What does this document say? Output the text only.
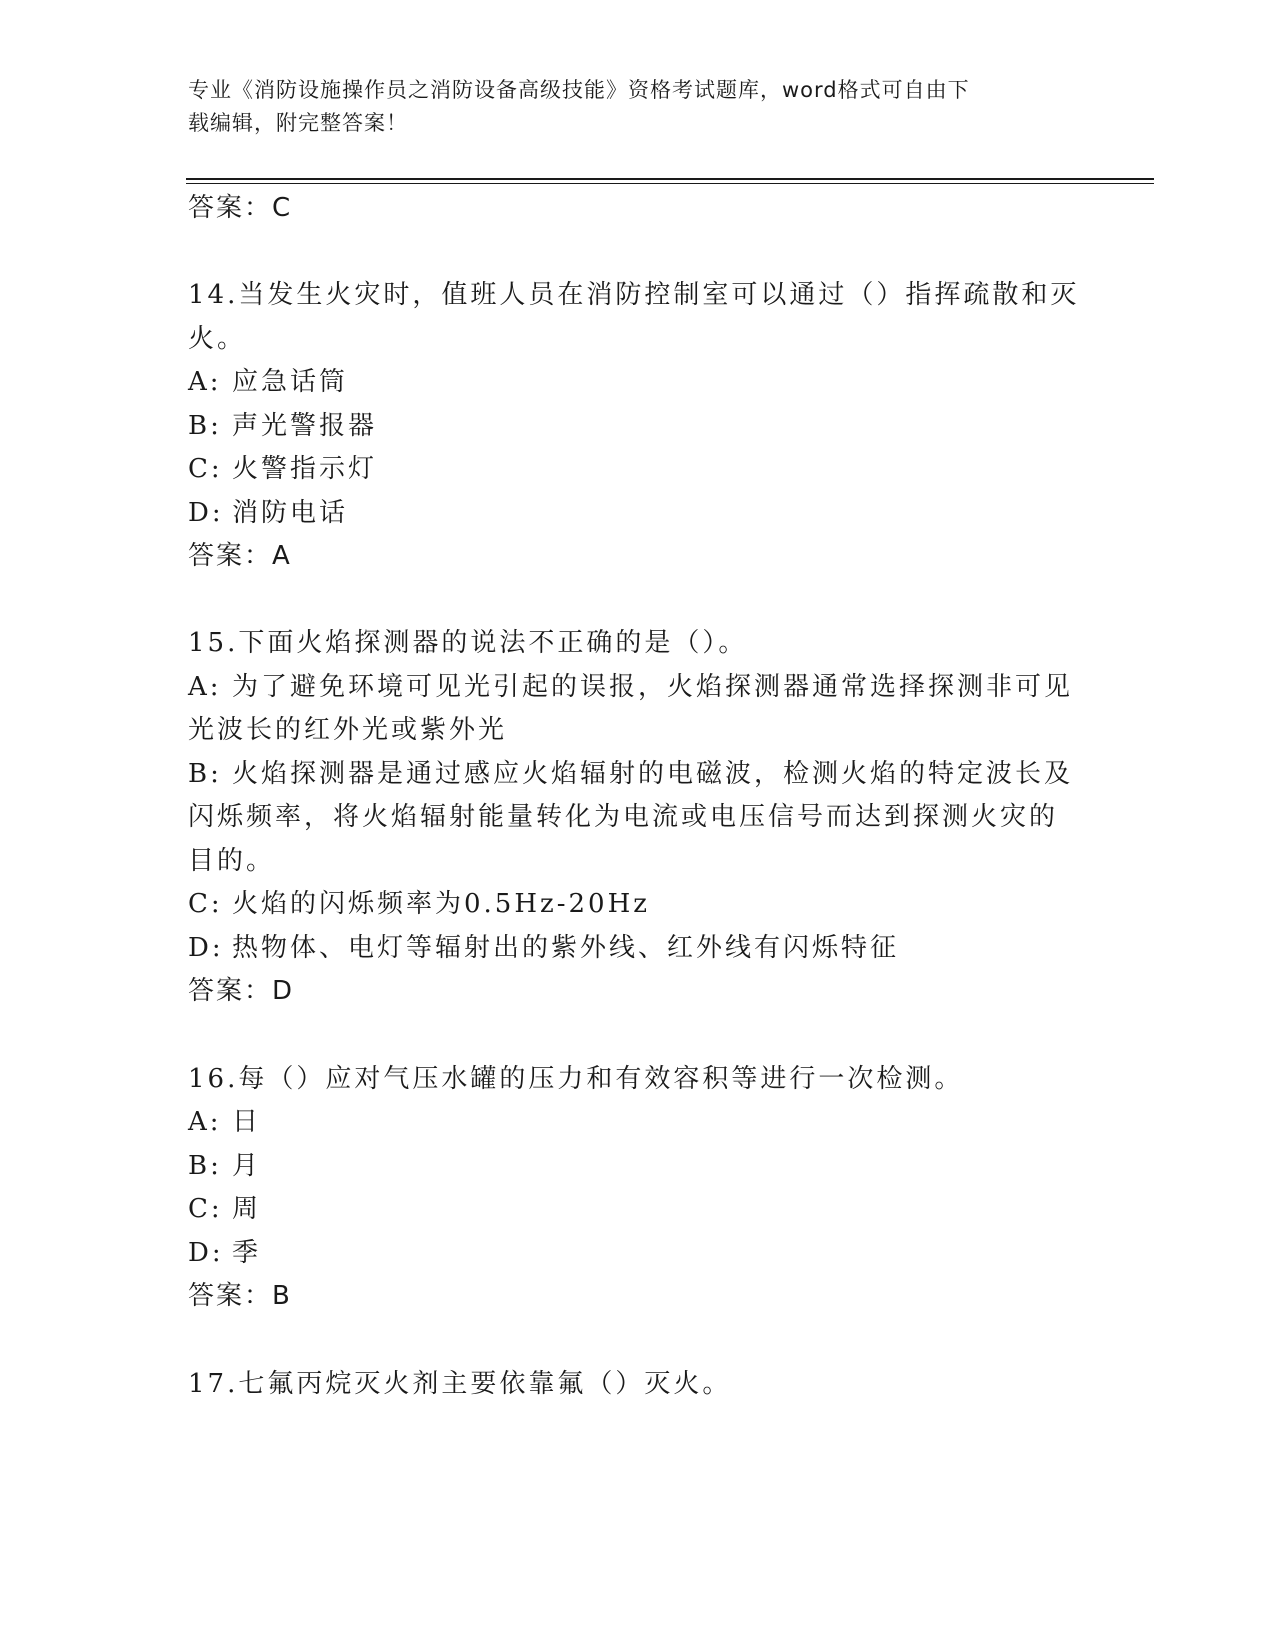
专业《消防设施操作员之消防设备高级技能》资格考试题库，word格式可自由下
载编辑，附完整答案！
答案：C
14.当发生火灾时，值班人员在消防控制室可以通过（）指挥疏散和灭
火。
A: 应急话筒
B: 声光警报器
C: 火警指示灯
D: 消防电话
答案：A
15.下面火焰探测器的说法不正确的是（）。
A: 为了避免环境可见光引起的误报，火焰探测器通常选择探测非可见
光波长的红外光或紫外光
B: 火焰探测器是通过感应火焰辐射的电磁波，检测火焰的特定波长及
闪烁频率，将火焰辐射能量转化为电流或电压信号而达到探测火灾的
目的。
C: 火焰的闪烁频率为0.5Hz-20Hz
D: 热物体、电灯等辐射出的紫外线、红外线有闪烁特征
答案：D
16.每（）应对气压水罐的压力和有效容积等进行一次检测。
A: 日
B: 月
C: 周
D: 季
答案：B
17.七氟丙烷灭火剂主要依靠氟（）灭火。
